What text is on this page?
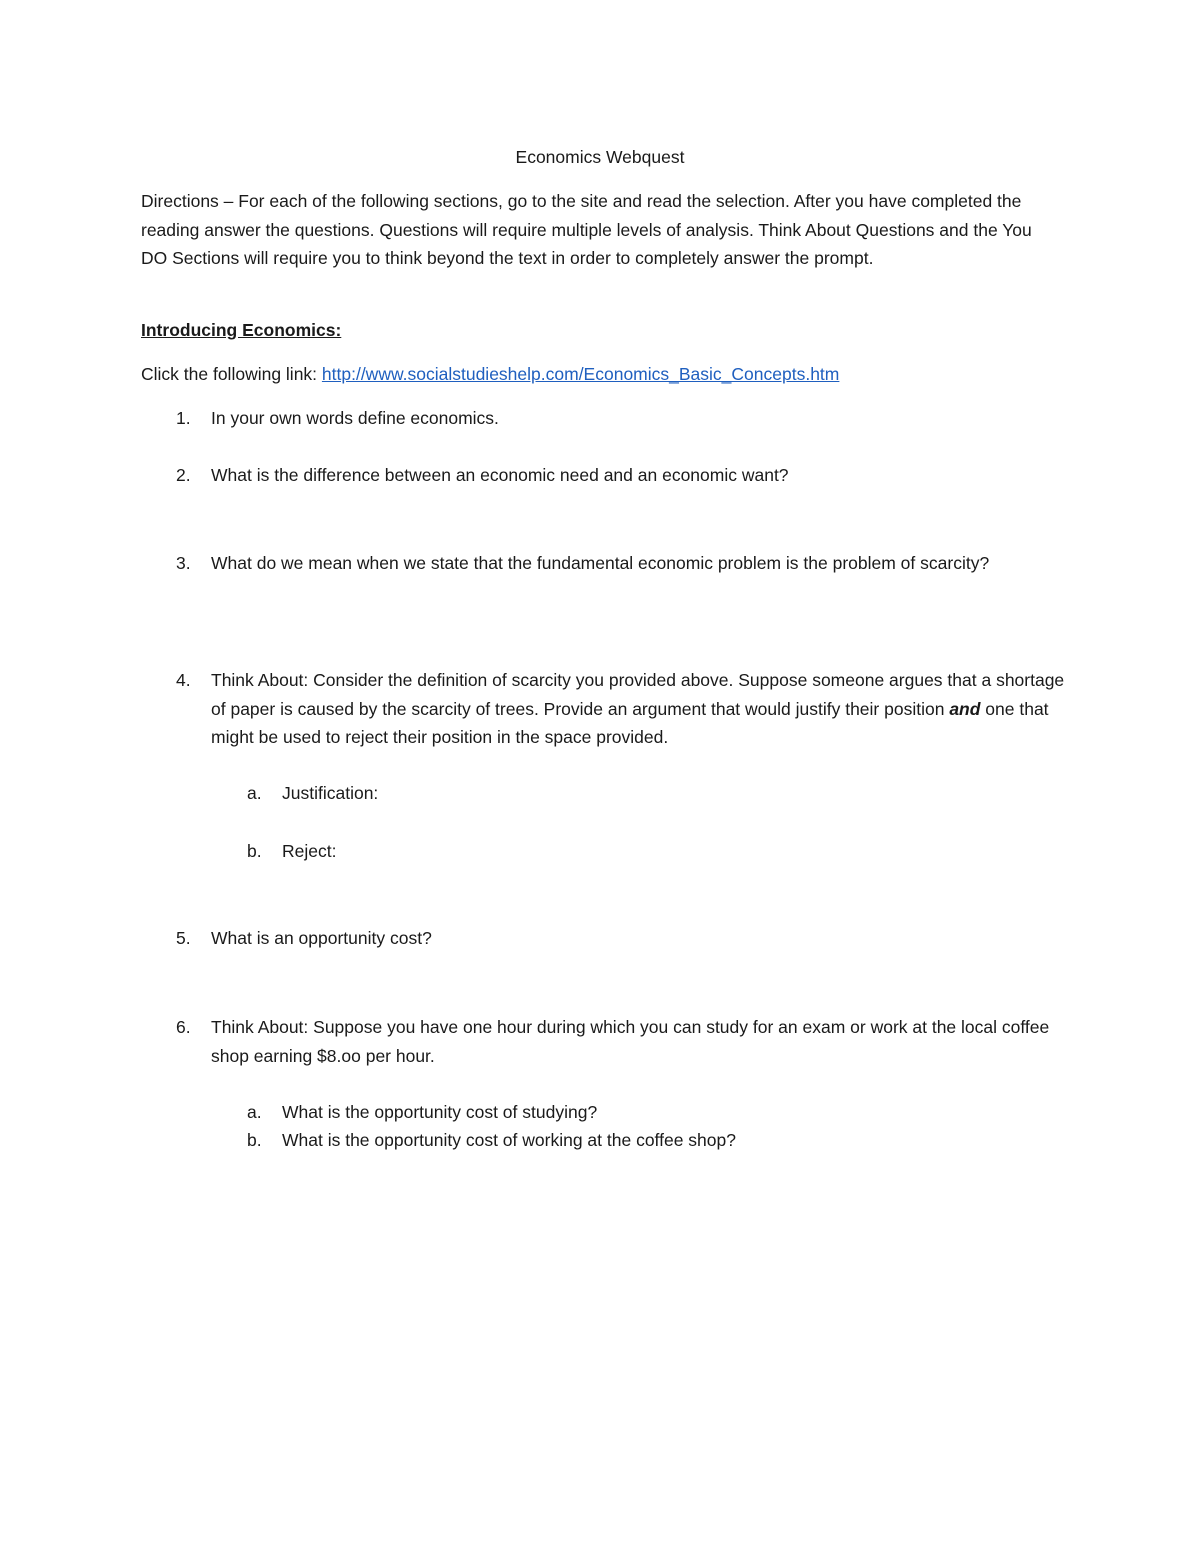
Economics Webquest
Directions – For each of the following sections, go to the site and read the selection. After you have completed the reading answer the questions. Questions will require multiple levels of analysis. Think About Questions and the You DO Sections will require you to think beyond the text in order to completely answer the prompt.
Introducing Economics:
Click the following link: http://www.socialstudieshelp.com/Economics_Basic_Concepts.htm
1.	In your own words define economics.
2.	What is the difference between an economic need and an economic want?
3.	What do we mean when we state that the fundamental economic problem is the problem of scarcity?
4.	Think About: Consider the definition of scarcity you provided above. Suppose someone argues that a shortage of paper is caused by the scarcity of trees. Provide an argument that would justify their position and one that might be used to reject their position in the space provided.
a. Justification:
b. Reject:
5.	What is an opportunity cost?
6.	Think About: Suppose you have one hour during which you can study for an exam or work at the local coffee shop earning $8.oo per hour.
a. What is the opportunity cost of studying?
b. What is the opportunity cost of working at the coffee shop?
